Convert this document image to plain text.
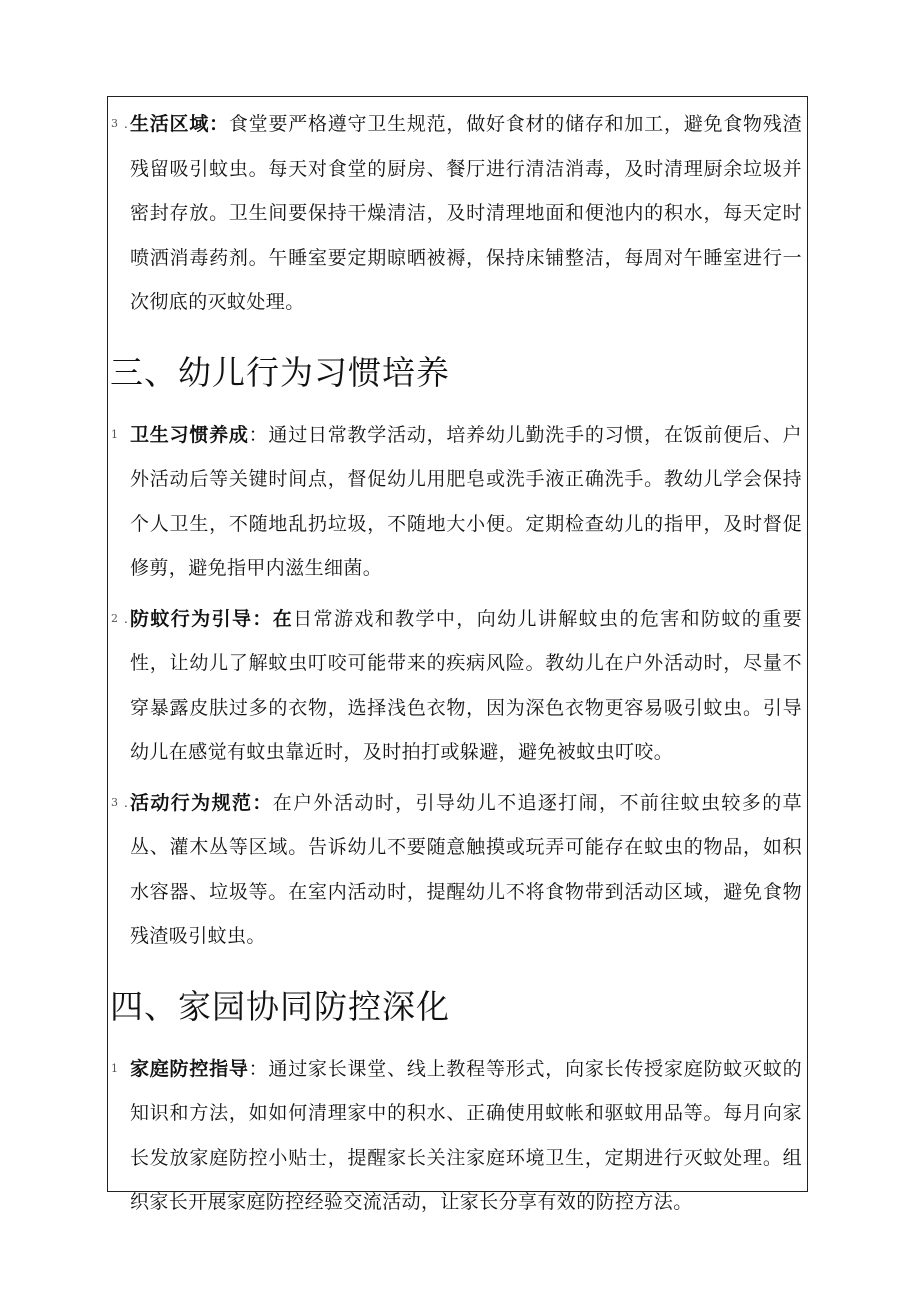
3 . 生活区域：食堂要严格遵守卫生规范，做好食材的储存和加工，避免食物残渣残留吸引蚊虫。每天对食堂的厨房、餐厅进行清洁消毒，及时清理厨余垃圾并密封存放。卫生间要保持干燥清洁，及时清理地面和便池内的积水，每天定时喷洒消毒药剂。午睡室要定期晾晒被褥，保持床铺整洁，每周对午睡室进行一次彻底的灭蚊处理。
三、幼儿行为习惯培养
1 卫生习惯养成：通过日常教学活动，培养幼儿勤洗手的习惯，在饭前便后、户外活动后等关键时间点，督促幼儿用肥皂或洗手液正确洗手。教幼儿学会保持个人卫生，不随地乱扔垃圾，不随地大小便。定期检查幼儿的指甲，及时督促修剪，避免指甲内滋生细菌。
2 . 防蚊行为引导：在日常游戏和教学中，向幼儿讲解蚊虫的危害和防蚊的重要性，让幼儿了解蚊虫叮咬可能带来的疾病风险。教幼儿在户外活动时，尽量不穿暴露皮肤过多的衣物，选择浅色衣物，因为深色衣物更容易吸引蚊虫。引导幼儿在感觉有蚊虫靠近时，及时拍打或躲避，避免被蚊虫叮咬。
3 . 活动行为规范：在户外活动时，引导幼儿不追逐打闹，不前往蚊虫较多的草丛、灌木丛等区域。告诉幼儿不要随意触摸或玩弄可能存在蚊虫的物品，如积水容器、垃圾等。在室内活动时，提醒幼儿不将食物带到活动区域，避免食物残渣吸引蚊虫。
四、家园协同防控深化
1 家庭防控指导：通过家长课堂、线上教程等形式，向家长传授家庭防蚊灭蚊的知识和方法，如如何清理家中的积水、正确使用蚊帐和驱蚊用品等。每月向家长发放家庭防控小贴士，提醒家长关注家庭环境卫生，定期进行灭蚊处理。组织家长开展家庭防控经验交流活动，让家长分享有效的防控方法。
